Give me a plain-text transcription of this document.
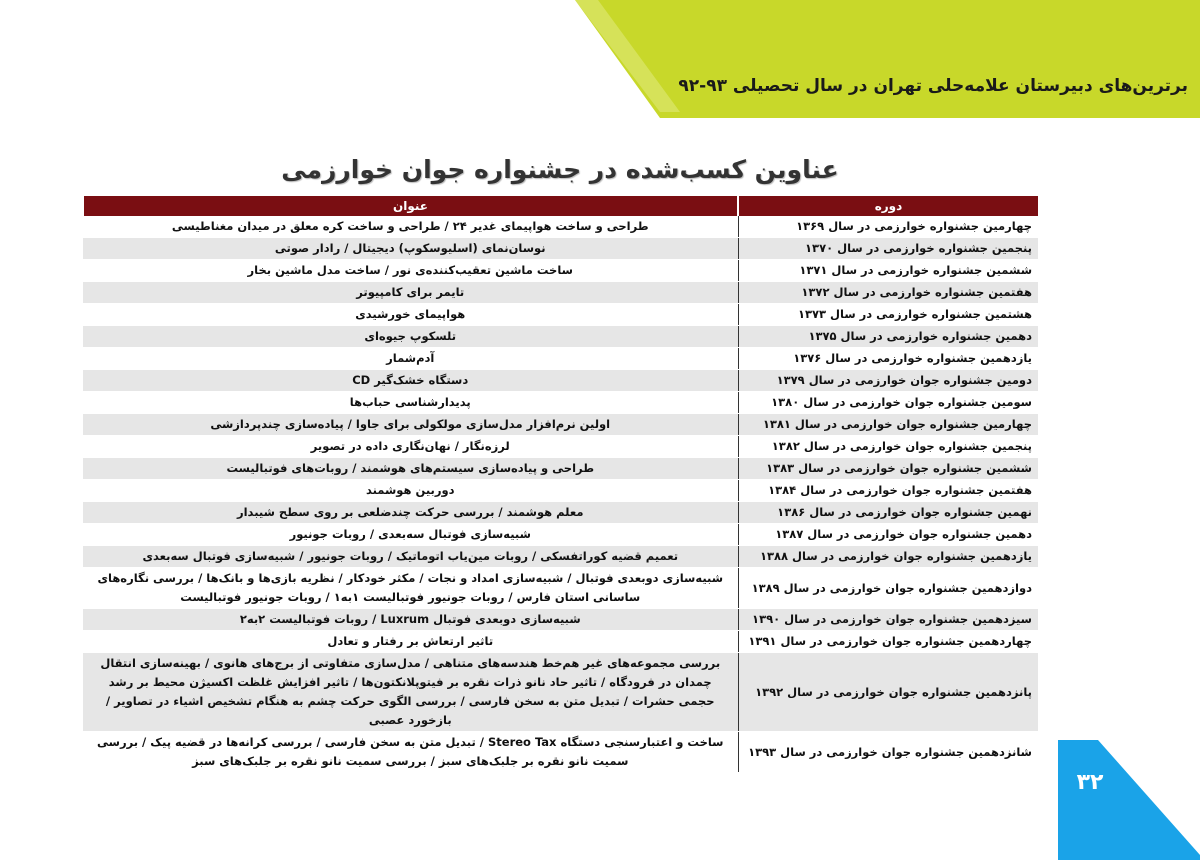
برترین‌های دبیرستان علامه‌حلی تهران در سال تحصیلی ۹۳-۹۲
عناوین کسب‌شده در جشنواره جوان خوارزمی
دوره	عنوان
چهارمین جشنواره خوارزمی در سال ۱۳۶۹	طراحی و ساخت هواپیمای غدیر ۲۴ / طراحی و ساخت کره معلق در میدان مغناطیسی
پنجمین جشنواره خوارزمی در سال ۱۳۷۰	نوسان‌نمای (اسلیوسکوپ) دیجیتال / رادار صوتی
ششمین جشنواره خوارزمی در سال ۱۳۷۱	ساخت ماشین تعقیب‌کننده‌ی نور / ساخت مدل ماشین بخار
هفتمین جشنواره خوارزمی در سال ۱۳۷۲	تایمر برای کامپیوتر
هشتمین جشنواره خوارزمی در سال ۱۳۷۳	هواپیمای خورشیدی
دهمین جشنواره خوارزمی در سال ۱۳۷۵	تلسکوپ جیوه‌ای
یازدهمین جشنواره خوارزمی در سال ۱۳۷۶	آدم‌شمار
دومین جشنواره جوان خوارزمی در سال ۱۳۷۹	دستگاه خشک‌گیر CD
سومین جشنواره جوان خوارزمی در سال ۱۳۸۰	پدیدارشناسی حباب‌ها
چهارمین جشنواره جوان خوارزمی در سال ۱۳۸۱	اولین نرم‌افزار مدل‌سازی مولکولی برای جاوا / پیاده‌سازی چندپردازشی
پنجمین جشنواره جوان خوارزمی در سال ۱۳۸۲	لرزه‌نگار / نهان‌نگاری داده در تصویر
ششمین جشنواره جوان خوارزمی در سال ۱۳۸۳	طراحی و پیاده‌سازی سیستم‌های هوشمند / روبات‌های فوتبالیست
هفتمین جشنواره جوان خوارزمی در سال ۱۳۸۴	دوربین هوشمند
نهمین جشنواره جوان خوارزمی در سال ۱۳۸۶	معلم هوشمند / بررسی حرکت چندضلعی بر روی سطح شیبدار
دهمین جشنواره جوان خوارزمی در سال ۱۳۸۷	شبیه‌سازی فوتبال سه‌بعدی / روبات جونیور
یازدهمین جشنواره جوان خوارزمی در سال ۱۳۸۸	تعمیم قضیه کوراتفسکی / روبات مین‌یاب اتوماتیک / روبات جونیور / شبیه‌سازی فوتبال سه‌بعدی
دوازدهمین جشنواره جوان خوارزمی در سال ۱۳۸۹	شبیه‌سازی دوبعدی فوتبال / شبیه‌سازی امداد و نجات / مکثر خودکار / نظریه بازی‌ها و بانک‌ها / بررسی نگاره‌های ساسانی استان فارس / روبات جونیور فوتبالیست ۱به۱ / روبات جونیور فوتبالیست
سیزدهمین جشنواره جوان خوارزمی در سال ۱۳۹۰	شبیه‌سازی دوبعدی فوتبال Luxrum / روبات فوتبالیست ۲به۲
چهاردهمین جشنواره جوان خوارزمی در سال ۱۳۹۱	تاثیر ارتعاش بر رفتار و تعادل
پانزدهمین جشنواره جوان خوارزمی در سال ۱۳۹۲	بررسی مجموعه‌های غیر هم‌خط هندسه‌های متناهی / مدل‌سازی متفاوتی از برج‌های هانوی / بهینه‌سازی انتقال چمدان در فرودگاه / تاثیر حاد نانو ذرات نقره بر فیتوپلانکتون‌ها / تاثیر افزایش غلظت اکسیژن محیط بر رشد حجمی حشرات / تبدیل متن به سخن فارسی / بررسی الگوی حرکت چشم به هنگام تشخیص اشیاء در تصاویر / بازخورد عصبی
شانزدهمین جشنواره جوان خوارزمی در سال ۱۳۹۳	ساخت و اعتبارسنجی دستگاه Stereo Tax / تبدیل متن به سخن فارسی / بررسی کرانه‌ها در قضیه پیک / بررسی سمیت نانو نقره بر جلبک‌های سبز / بررسی سمیت نانو نقره بر جلبک‌های سبز
۳۲
